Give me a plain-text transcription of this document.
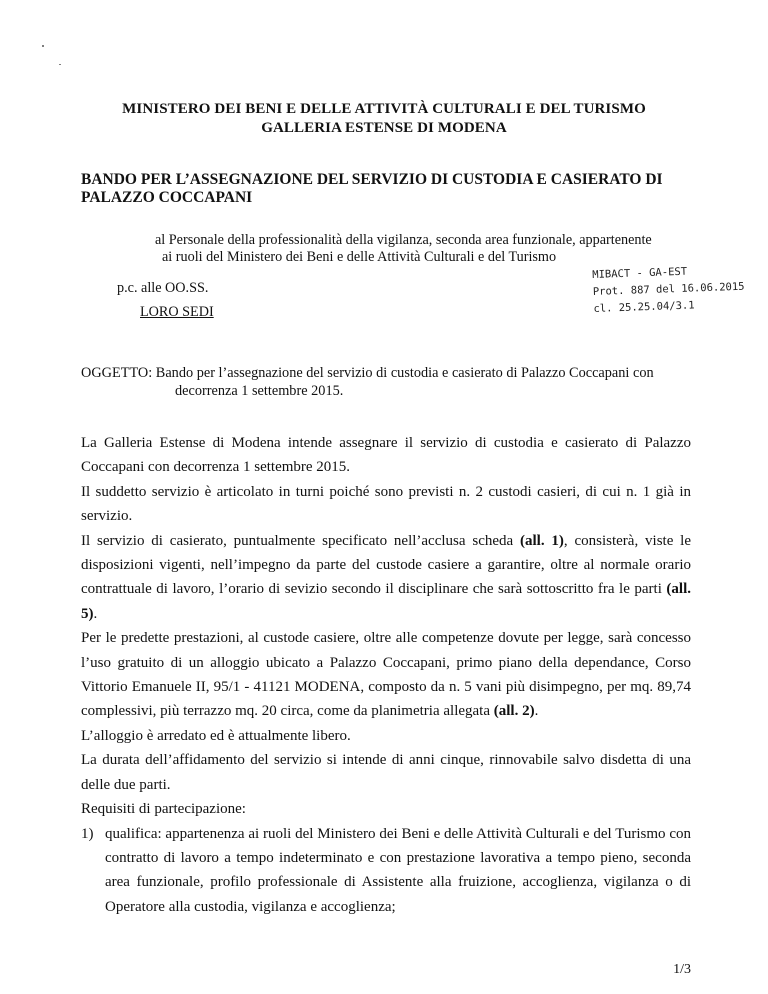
MINISTERO DEI BENI E DELLE ATTIVITÀ CULTURALI E DEL TURISMO
GALLERIA ESTENSE DI MODENA
BANDO PER L’ASSEGNAZIONE DEL SERVIZIO DI CUSTODIA E CASIERATO DI
PALAZZO COCCAPANI
al Personale della professionalità della vigilanza, seconda area funzionale, appartenente
ai ruoli del Ministero dei Beni e delle Attività Culturali e del Turismo
p.c. alle OO.SS.
LORO SEDI
MIBACT - GA-EST
Prot. 887 del 16.06.2015
cl. 25.25.04/3.1
OGGETTO: Bando per l’assegnazione del servizio di custodia e casierato di Palazzo Coccapani con
decorrenza 1 settembre 2015.

La Galleria Estense di Modena intende assegnare il servizio di custodia e casierato di Palazzo Coccapani con decorrenza 1 settembre 2015.

Il suddetto servizio è articolato in turni poiché sono previsti n. 2 custodi casieri, di cui n. 1 già in servizio.

Il servizio di casierato, puntualmente specificato nell’acclusa scheda (all. 1), consisterà, viste le disposizioni vigenti, nell’impegno da parte del custode casiere a garantire, oltre al normale orario contrattuale di lavoro, l’orario di sevizio secondo il disciplinare che sarà sottoscritto fra le parti (all. 5).

Per le predette prestazioni, al custode casiere, oltre alle competenze dovute per legge, sarà concesso l’uso gratuito di un alloggio ubicato a Palazzo Coccapani, primo piano della dependance, Corso Vittorio Emanuele II, 95/1 - 41121 MODENA, composto da n. 5 vani più disimpegno, per mq. 89,74 complessivi, più terrazzo mq. 20 circa, come da planimetria allegata (all. 2).

L’alloggio è arredato ed è attualmente libero.

La durata dell’affidamento del servizio si intende di anni cinque, rinnovabile salvo disdetta di una delle due parti.

Requisiti di partecipazione:

1) qualifica: appartenenza ai ruoli del Ministero dei Beni e delle Attività Culturali e del Turismo con contratto di lavoro a tempo indeterminato e con prestazione lavorativa a tempo pieno, seconda area funzionale, profilo professionale di Assistente alla fruizione, accoglienza, vigilanza o di Operatore alla custodia, vigilanza e accoglienza;
1/3
